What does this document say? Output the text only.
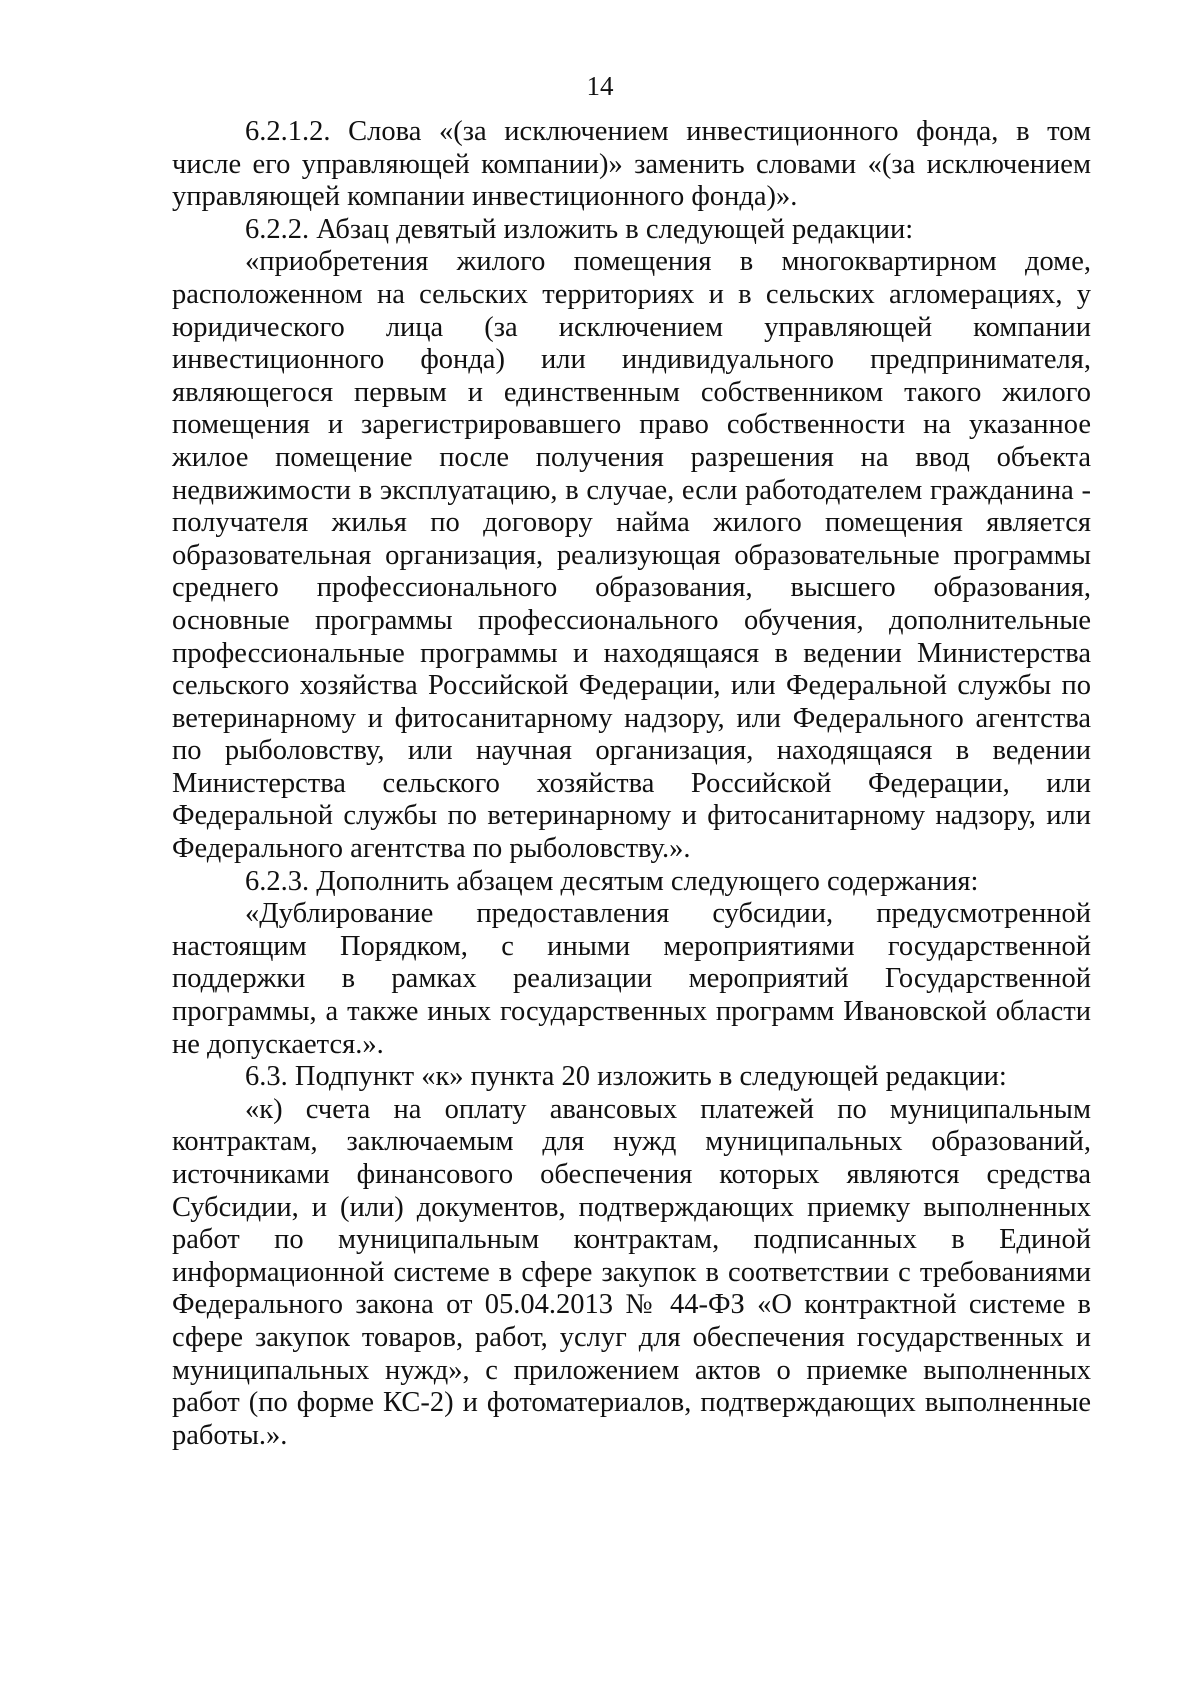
14

6.2.1.2. Слова «(за исключением инвестиционного фонда, в том числе его управляющей компании)» заменить словами «(за исключением управляющей компании инвестиционного фонда)».

6.2.2. Абзац девятый изложить в следующей редакции:

«приобретения жилого помещения в многоквартирном доме, расположенном на сельских территориях и в сельских агломерациях, у юридического лица (за исключением управляющей компании инвестиционного фонда) или индивидуального предпринимателя, являющегося первым и единственным собственником такого жилого помещения и зарегистрировавшего право собственности на указанное жилое помещение после получения разрешения на ввод объекта недвижимости в эксплуатацию, в случае, если работодателем гражданина - получателя жилья по договору найма жилого помещения является образовательная организация, реализующая образовательные программы среднего профессионального образования, высшего образования, основные программы профессионального обучения, дополнительные профессиональные программы и находящаяся в ведении Министерства сельского хозяйства Российской Федерации, или Федеральной службы по ветеринарному и фитосанитарному надзору, или Федерального агентства по рыболовству, или научная организация, находящаяся в ведении Министерства сельского хозяйства Российской Федерации, или Федеральной службы по ветеринарному и фитосанитарному надзору, или Федерального агентства по рыболовству.».

6.2.3. Дополнить абзацем десятым следующего содержания:

«Дублирование предоставления субсидии, предусмотренной настоящим Порядком, с иными мероприятиями государственной поддержки в рамках реализации мероприятий Государственной программы, а также иных государственных программ Ивановской области не допускается.».

6.3. Подпункт «к» пункта 20 изложить в следующей редакции:

«к) счета на оплату авансовых платежей по муниципальным контрактам, заключаемым для нужд муниципальных образований, источниками финансового обеспечения которых являются средства Субсидии, и (или) документов, подтверждающих приемку выполненных работ по муниципальным контрактам, подписанных в Единой информационной системе в сфере закупок в соответствии с требованиями Федерального закона от 05.04.2013 № 44-ФЗ «О контрактной системе в сфере закупок товаров, работ, услуг для обеспечения государственных и муниципальных нужд», с приложением актов о приемке выполненных работ (по форме КС-2) и фотоматериалов, подтверждающих выполненные работы.».
